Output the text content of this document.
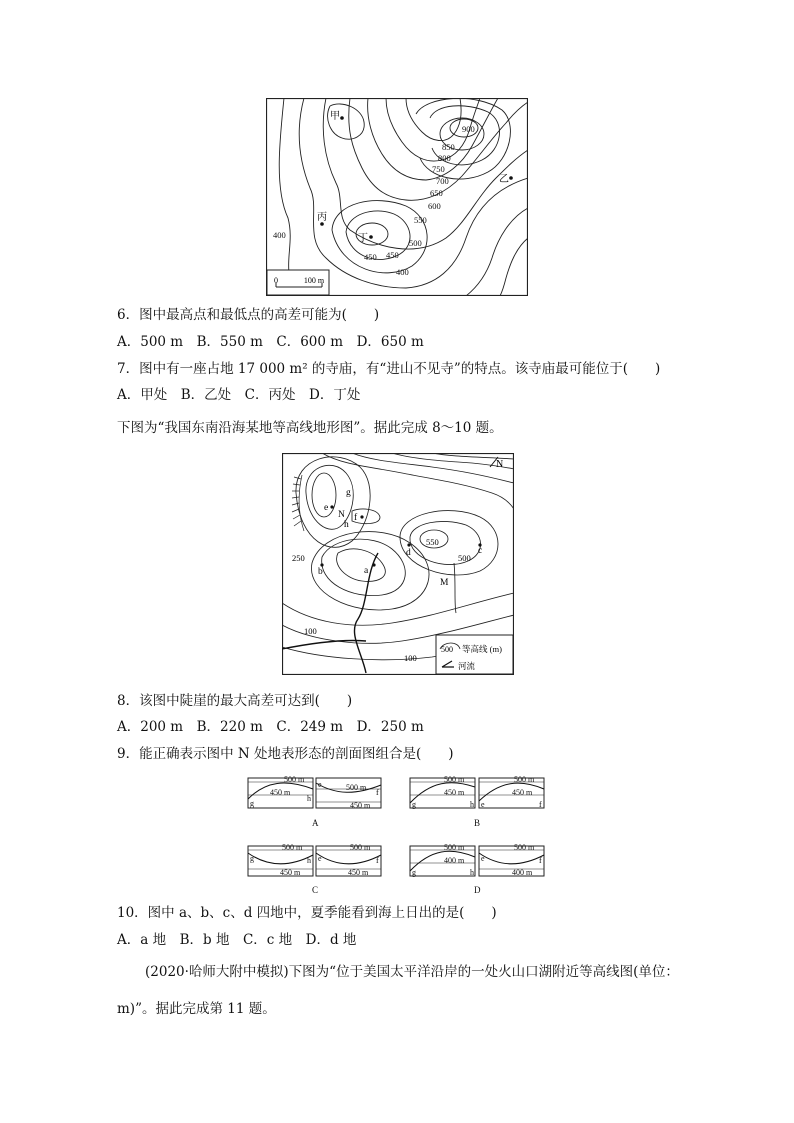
0	100 m
甲
乙
丙
丁
900
850
800
750
700
650
600
550
500
450 450
400
400
6．图中最高点和最低点的高差可能为(　　)
A．500 m　B．550 m　C．600 m　D．650 m
7．图中有一座占地 17 000 m² 的寺庙，有“进山不见寺”的特点。该寺庙最可能位于(　　)
A．甲处　B．乙处　C．丙处　D．丁处
下图为“我国东南沿海某地等高线地形图”。据此完成 8～10 题。
N
e
g
N f
h
d	c
b	a
M
550
500
250
100
100
500 等高线 (m)
河流
8．该图中陡崖的最大高差可达到(　　)
A．200 m　B．220 m　C．249 m　D．250 m
9．能正确表示图中 N 处地表形态的剖面图组合是(　　)
500 m
450 m
g
h
500 m
450 m
e
f
A
500 m
450 m
g	h
500 m
450 m
e	f
B
500 m
450 m
g	h
500 m
450 m
e	f
C
500 m
400 m
g	h
500 m
400 m
e	f
D
10．图中 a、b、c、d 四地中，夏季能看到海上日出的是(　　)
A．a 地　B．b 地　C．c 地　D．d 地
(2020·哈师大附中模拟)下图为“位于美国太平洋沿岸的一处火山口湖附近等高线图(单位：
m)”。据此完成第 11 题。
